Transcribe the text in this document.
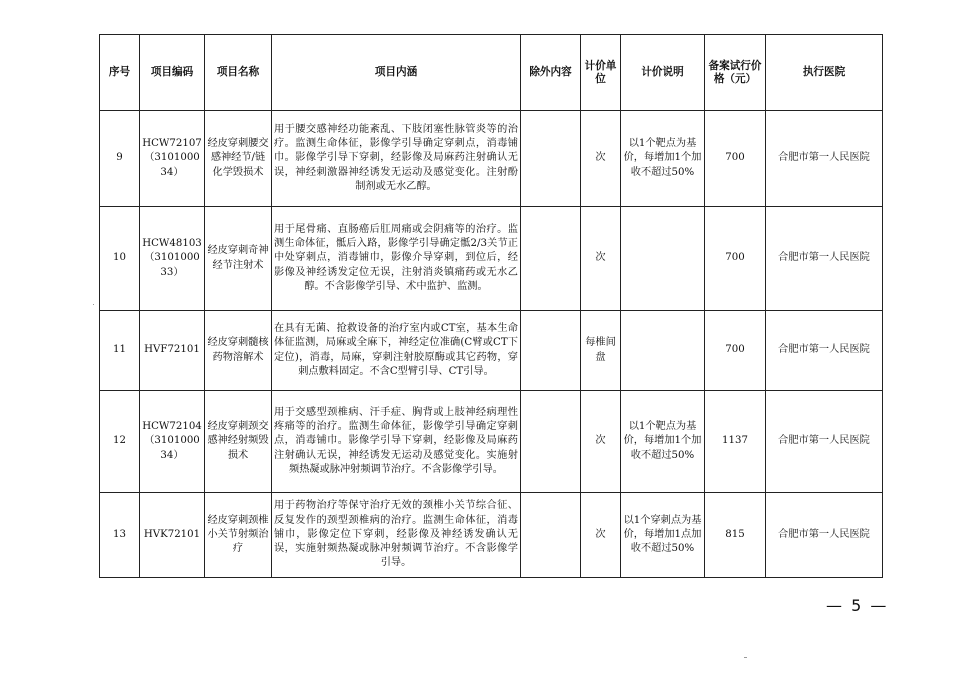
序号	项目编码	项目名称	项目内涵	除外内容	计价单位	计价说明	备案试行价格（元）	执行医院
9	HCW72107（310100034）	经皮穿刺腰交感神经节/链化学毁损术	用于腰交感神经功能紊乱、下肢闭塞性脉管炎等的治疗。监测生命体征，影像学引导确定穿刺点，消毒铺巾。影像学引导下穿刺，经影像及局麻药注射确认无误，神经刺激器神经诱发无运动及感觉变化。注射酚制剂或无水乙醇。		次	以1个靶点为基价，每增加1个加收不超过50%	700	合肥市第一人民医院
10	HCW48103（310100033）	经皮穿刺奇神经节注射术	用于尾骨痛、直肠癌后肛周痛或会阴痛等的治疗。监测生命体征，骶后入路，影像学引导确定骶2/3关节正中处穿刺点，消毒铺巾，影像介导穿刺，到位后，经影像及神经诱发定位无误，注射消炎镇痛药或无水乙醇。不含影像学引导、术中监护、监测。		次		700	合肥市第一人民医院
11	HVF72101	经皮穿刺髓核药物溶解术	在具有无菌、抢救设备的治疗室内或CT室，基本生命体征监测，局麻或全麻下，神经定位准确(C臂或CT下定位)，消毒，局麻，穿刺注射胶原酶或其它药物，穿刺点敷料固定。不含C型臂引导、CT引导。		每椎间盘		700	合肥市第一人民医院
12	HCW72104（310100034）	经皮穿刺颈交感神经射频毁损术	用于交感型颈椎病、汗手症、胸背或上肢神经病理性疼痛等的治疗。监测生命体征，影像学引导确定穿刺点，消毒铺巾。影像学引导下穿刺，经影像及局麻药注射确认无误，神经诱发无运动及感觉变化。实施射频热凝或脉冲射频调节治疗。不含影像学引导。		次	以1个靶点为基价，每增加1个加收不超过50%	1137	合肥市第一人民医院
13	HVK72101	经皮穿刺颈椎小关节射频治疗	用于药物治疗等保守治疗无效的颈椎小关节综合征、反复发作的颈型颈椎病的治疗。监测生命体征，消毒铺巾，影像定位下穿刺，经影像及神经诱发确认无误，实施射频热凝或脉冲射频调节治疗。不含影像学引导。		次	以1个穿刺点为基价，每增加1点加收不超过50%	815	合肥市第一人民医院
— 5 —
